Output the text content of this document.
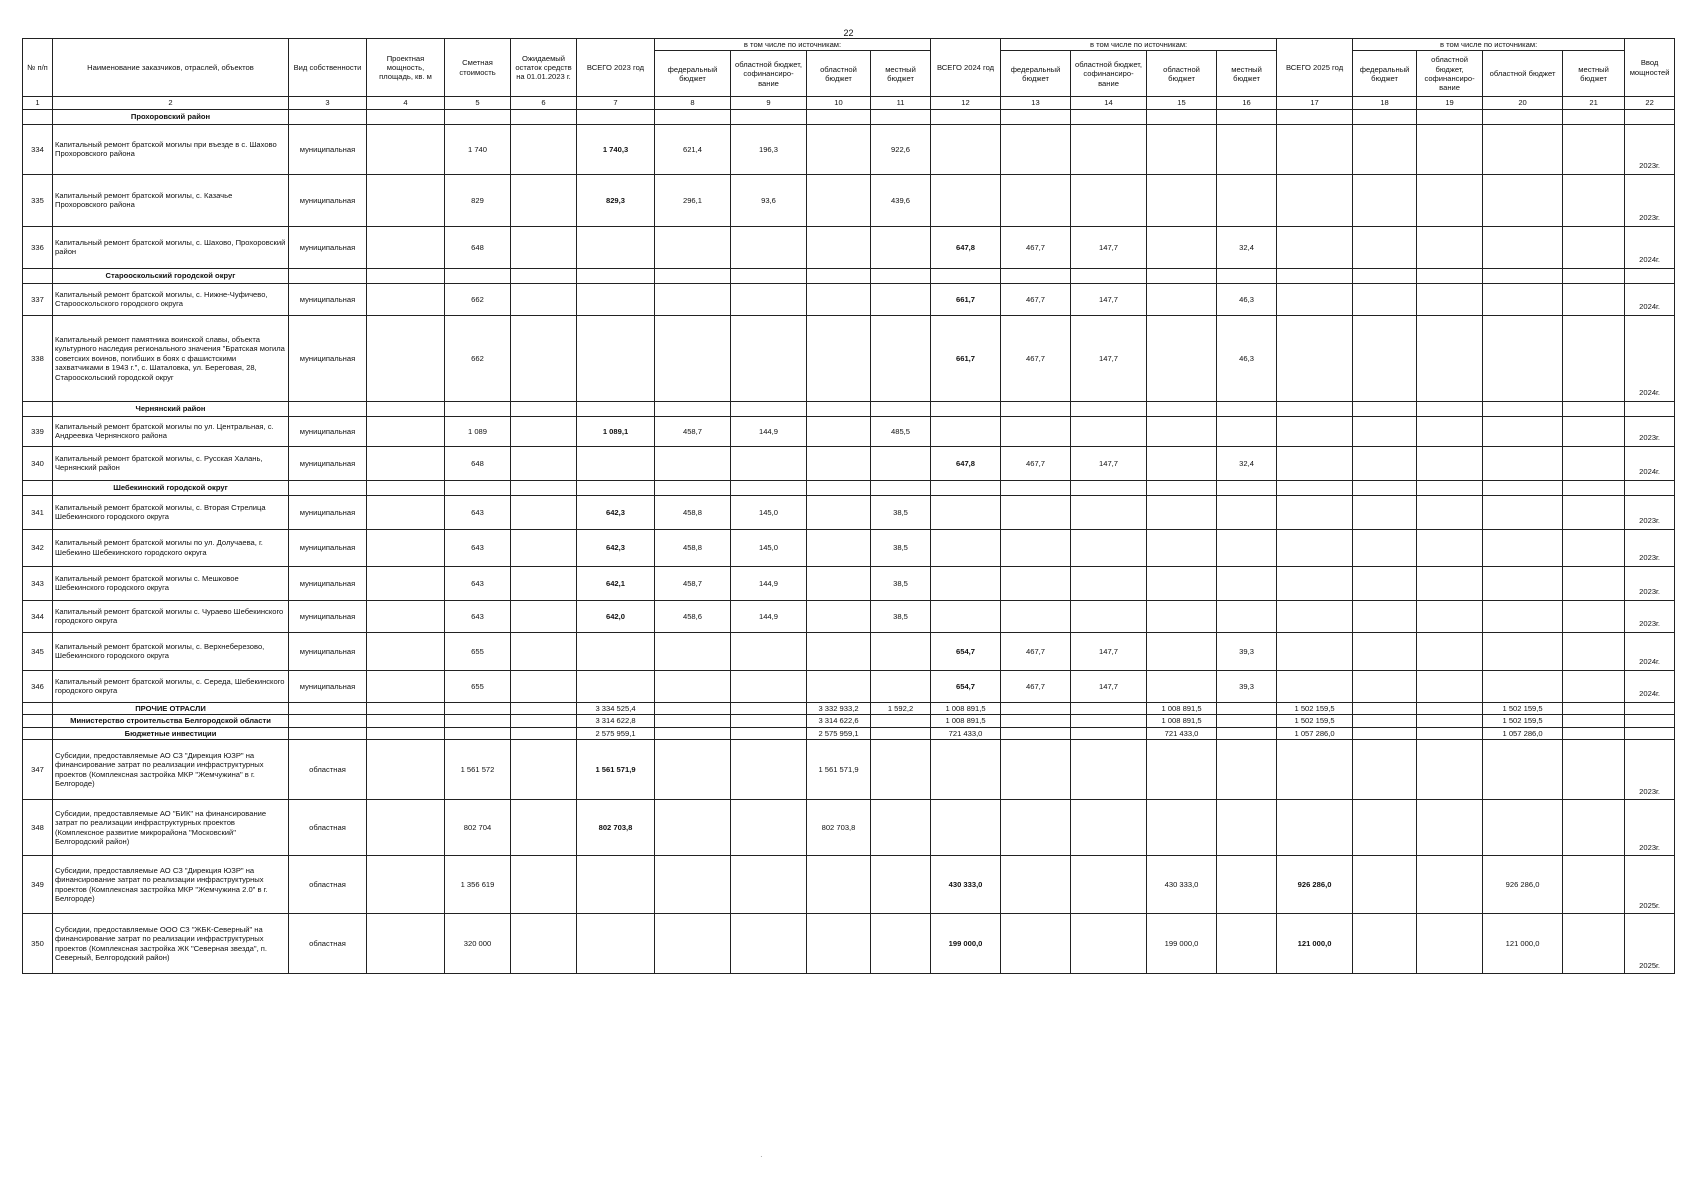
22
№ п/п	Наименование заказчиков, отраслей, объектов	Вид собственности	Проектная мощность, площадь, кв. м	Сметная стоимость	Ожидаемый остаток средств на 01.01.2023 г.	ВСЕГО 2023 год	в том числе по источникам:				ВСЕГО 2024 год	в том числе по источникам:				ВСЕГО 2025 год	в том числе по источникам:				Ввод мощностей
							федеральный бюджет	областной бюджет, софинансиро-вание	областной бюджет	местный бюджет		федеральный бюджет	областной бюджет, софинансиро-вание	областной бюджет	местный бюджет		федеральный бюджет	областной бюджет, софинансиро-вание	областной бюджет	местный бюджет	
1	2	3	4	5	6	7	8	9	10	11	12	13	14	15	16	17	18	19	20	21	22
	Прохоровский район																				
334	Капитальный ремонт братской могилы при въезде в с. Шахово Прохоровского района	муниципальная		1 740		1 740,3	621,4	196,3		922,6											2023г.
335	Капитальный ремонт братской могилы, с. Казачье Прохоровского района	муниципальная		829		829,3	296,1	93,6		439,6											2023г.
336	Капитальный ремонт братской могилы, с. Шахово, Прохоровский район	муниципальная		648							647,8	467,7	147,7		32,4						2024г.
	Старооскольский городской округ																				
337	Капитальный ремонт братской могилы, с. Нижне-Чуфичево, Старооскольского городского округа	муниципальная		662							661,7	467,7	147,7		46,3						2024г.
338	Капитальный ремонт памятника воинской славы, объекта культурного наследия регионального значения "Братская могила советских воинов, погибших в боях с фашистскими захватчиками в 1943 г.", с. Шаталовка, ул. Береговая, 28, Старооскольский городской округ	муниципальная		662							661,7	467,7	147,7		46,3						2024г.
	Чернянский район																				
339	Капитальный ремонт братской могилы по ул. Центральная, с. Андреевка Чернянского района	муниципальная		1 089		1 089,1	458,7	144,9		485,5											2023г.
340	Капитальный ремонт братской могилы, с. Русская Халань, Чернянский район	муниципальная		648							647,8	467,7	147,7		32,4						2024г.
	Шебекинский городской округ																				
341	Капитальный ремонт братской могилы, с. Вторая Стрелица Шебекинского городского округа	муниципальная		643		642,3	458,8	145,0		38,5											2023г.
342	Капитальный ремонт братской могилы по ул. Долучаева, г. Шебекино Шебекинского городского округа	муниципальная		643		642,3	458,8	145,0		38,5											2023г.
343	Капитальный ремонт братской могилы с. Мешковое Шебекинского городского округа	муниципальная		643		642,1	458,7	144,9		38,5											2023г.
344	Капитальный ремонт братской могилы с. Чураево Шебекинского городского округа	муниципальная		643		642,0	458,6	144,9		38,5											2023г.
345	Капитальный ремонт братской могилы, с. Верхнеберезово, Шебекинского городского округа	муниципальная		655							654,7	467,7	147,7		39,3						2024г.
346	Капитальный ремонт братской могилы, с. Середа, Шебекинского городского округа	муниципальная		655							654,7	467,7	147,7		39,3						2024г.
	ПРОЧИЕ ОТРАСЛИ					3 334 525,4			3 332 933,2	1 592,2	1 008 891,5			1 008 891,5		1 502 159,5			1 502 159,5		
	Министерство строительства Белгородской области					3 314 622,8			3 314 622,6		1 008 891,5			1 008 891,5		1 502 159,5			1 502 159,5		
	Бюджетные инвестиции					2 575 959,1			2 575 959,1		721 433,0			721 433,0		1 057 286,0			1 057 286,0		
347	Субсидии, предоставляемые АО СЗ "Дирекция ЮЗР" на финансирование затрат по реализации инфраструктурных проектов (Комплексная застройка МКР "Жемчужина" в г. Белгороде)	областная		1 561 572		1 561 571,9			1 561 571,9												2023г.
348	Субсидии, предоставляемые АО "БИК" на финансирование затрат по реализации инфраструктурных проектов (Комплексное развитие микрорайона "Московский" Белгородский район)	областная		802 704		802 703,8			802 703,8												2023г.
349	Субсидии, предоставляемые АО СЗ "Дирекция ЮЗР" на финансирование затрат по реализации инфраструктурных проектов (Комплексная застройка МКР "Жемчужина 2.0" в г. Белгороде)	областная		1 356 619							430 333,0			430 333,0		926 286,0			926 286,0		2025г.
350	Субсидии, предоставляемые ООО СЗ "ЖБК-Северный" на финансирование затрат по реализации инфраструктурных проектов (Комплексная застройка ЖК "Северная звезда", п. Северный, Белгородский район)	областная		320 000							199 000,0			199 000,0		121 000,0			121 000,0		2025г.
·
